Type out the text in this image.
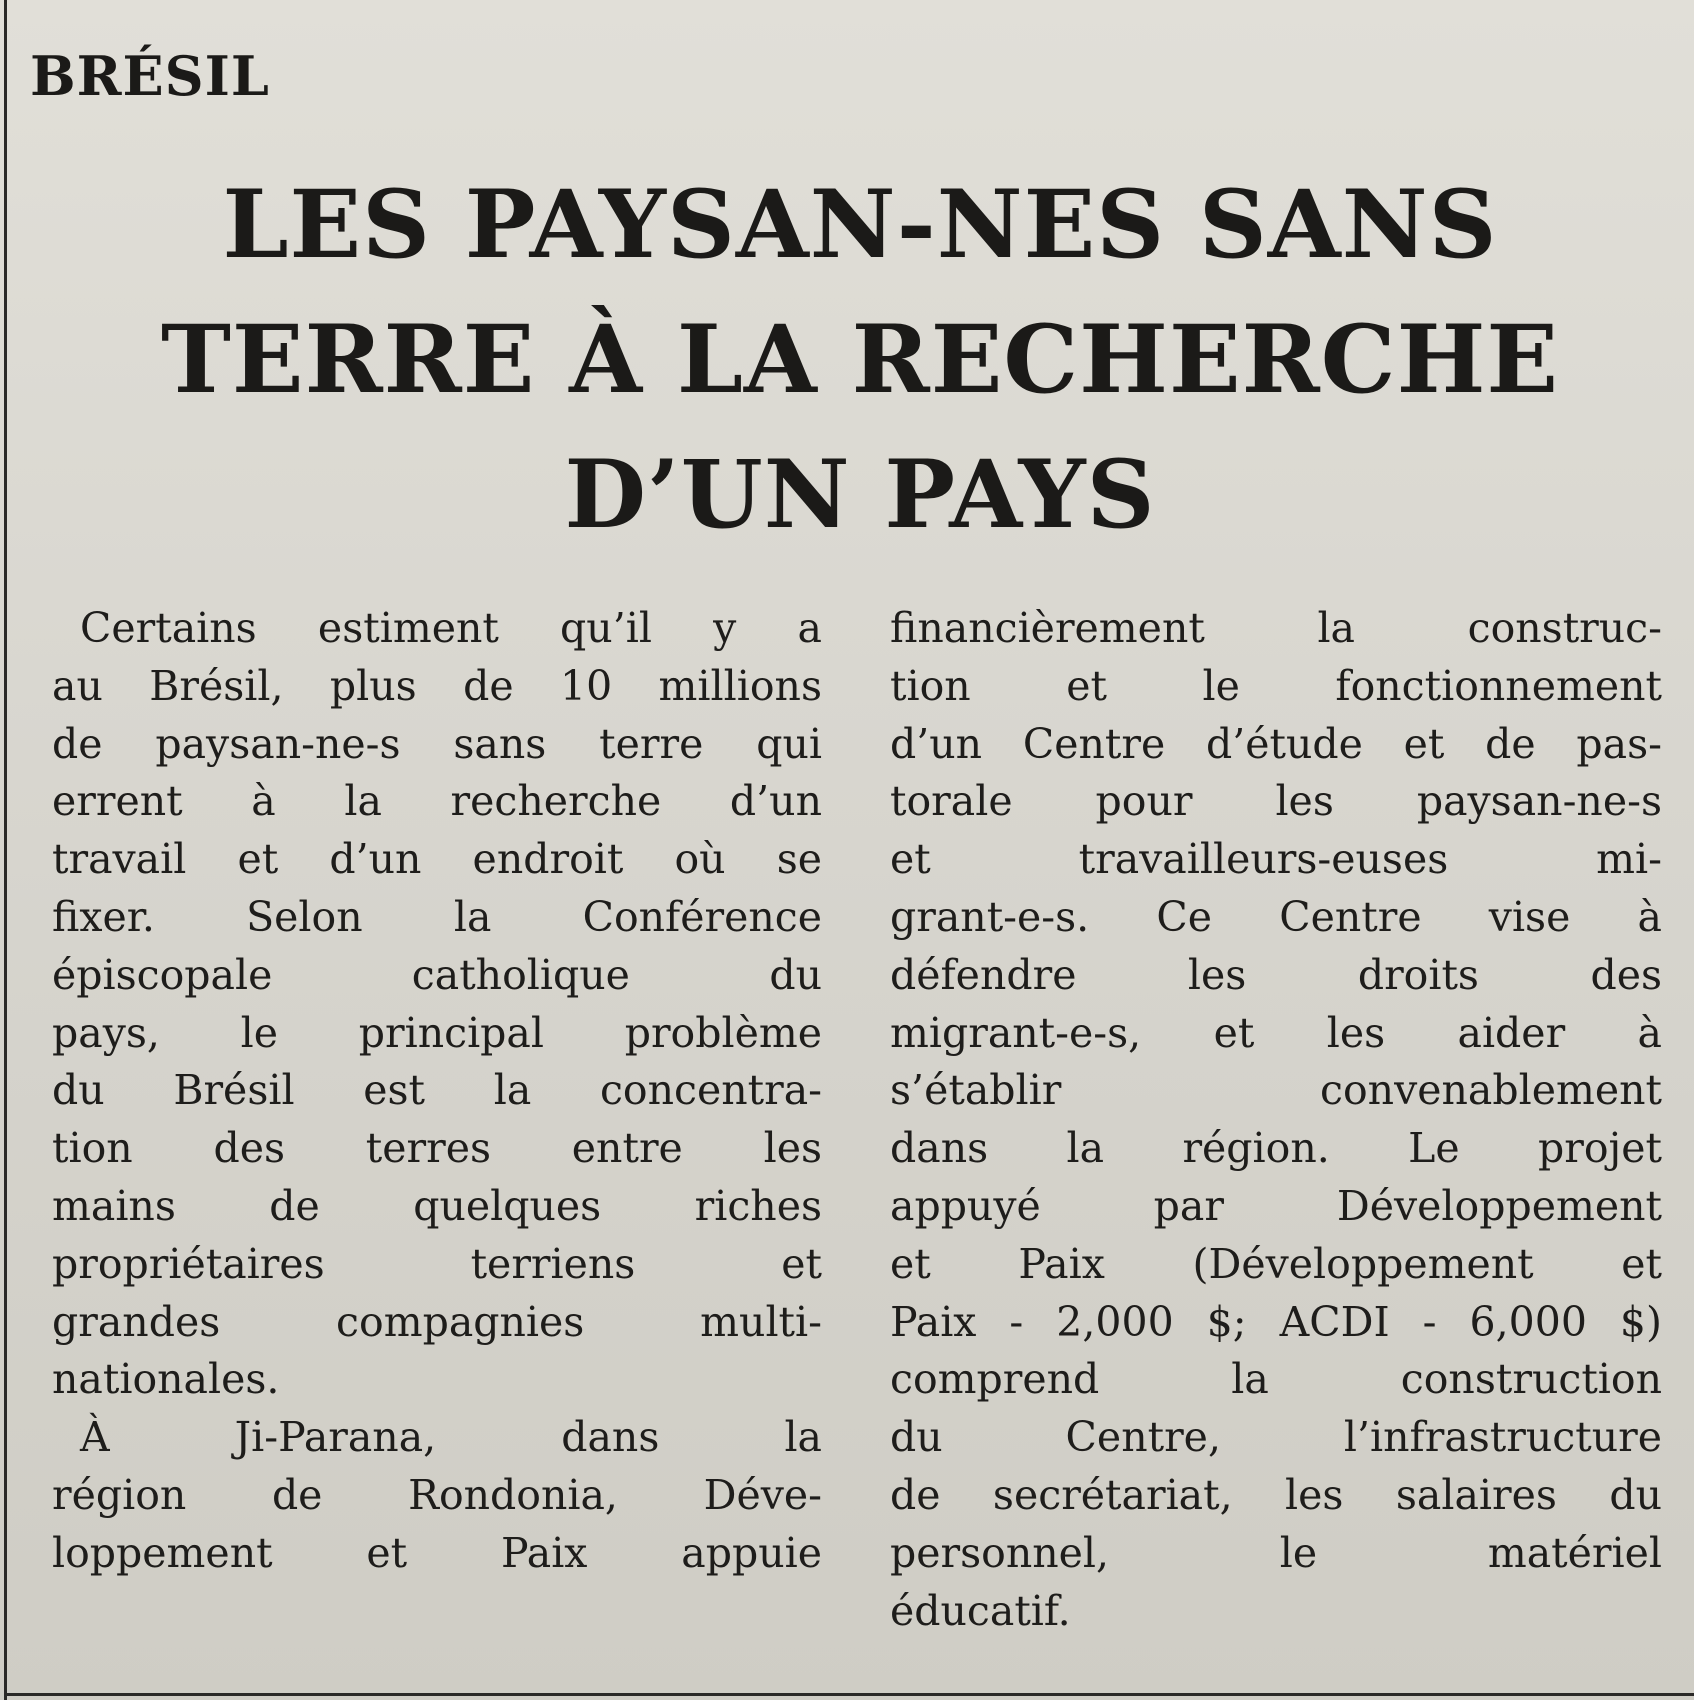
BRÉSIL
LES PAYSAN-NES SANS
TERRE À LA RECHERCHE
D’UN PAYS
Certains estiment qu’il y a
au Brésil, plus de 10 millions
de paysan-ne-s sans terre qui
errent à la recherche d’un
travail et d’un endroit où se
fixer. Selon la Conférence
épiscopale catholique du
pays, le principal problème
du Brésil est la concentra-
tion des terres entre les
mains de quelques riches
propriétaires terriens et
grandes compagnies multi-
nationales.
À Ji-Parana, dans la
région de Rondonia, Déve-
loppement et Paix appuie
financièrement la construc-
tion et le fonctionnement
d’un Centre d’étude et de pas-
torale pour les paysan-ne-s
et travailleurs-euses mi-
grant-e-s. Ce Centre vise à
défendre les droits des
migrant-e-s, et les aider à
s’établir convenablement
dans la région. Le projet
appuyé par Développement
et Paix (Développement et
Paix - 2,000 $; ACDI - 6,000 $)
comprend la construction
du Centre, l’infrastructure
de secrétariat, les salaires du
personnel, le matériel
éducatif.
